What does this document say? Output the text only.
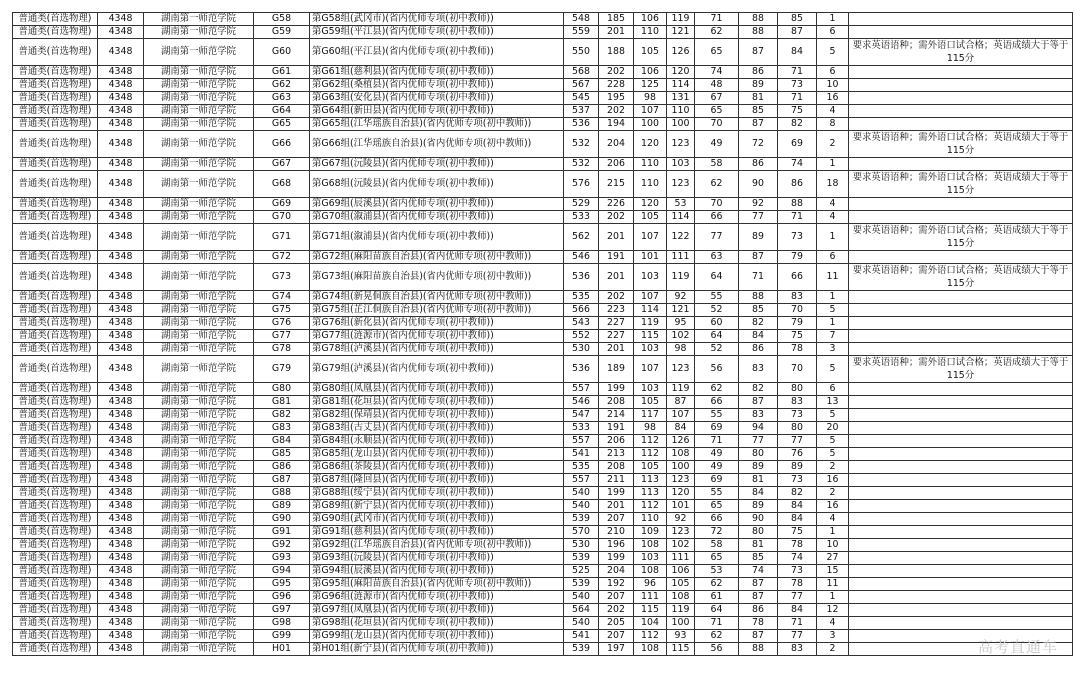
普通类(首选物理)	4348	湖南第一师范学院	G58	第G58组(武冈市)(省内优师专项(初中教师))	548	185	106	119	71	88	85	1	
普通类(首选物理)	4348	湖南第一师范学院	G59	第G59组(平江县)(省内优师专项(初中教师))	559	201	110	121	62	88	87	6	
普通类(首选物理)	4348	湖南第一师范学院	G60	第G60组(平江县)(省内优师专项(初中教师))	550	188	105	126	65	87	84	5	要求英语语种；需外语口试合格；英语成绩大于等于115分
普通类(首选物理)	4348	湖南第一师范学院	G61	第G61组(慈利县)(省内优师专项(初中教师))	568	202	106	120	74	86	71	6	
普通类(首选物理)	4348	湖南第一师范学院	G62	第G62组(桑植县)(省内优师专项(初中教师))	567	228	125	114	48	89	73	10	
普通类(首选物理)	4348	湖南第一师范学院	G63	第G63组(安化县)(省内优师专项(初中教师))	545	195	98	131	67	81	71	16	
普通类(首选物理)	4348	湖南第一师范学院	G64	第G64组(新田县)(省内优师专项(初中教师))	537	202	107	110	65	85	75	4	
普通类(首选物理)	4348	湖南第一师范学院	G65	第G65组(江华瑶族自治县)(省内优师专项(初中教师))	536	194	100	100	70	87	82	8	
普通类(首选物理)	4348	湖南第一师范学院	G66	第G66组(江华瑶族自治县)(省内优师专项(初中教师))	532	204	120	123	49	72	69	2	要求英语语种；需外语口试合格；英语成绩大于等于115分
普通类(首选物理)	4348	湖南第一师范学院	G67	第G67组(沅陵县)(省内优师专项(初中教师))	532	206	110	103	58	86	74	1	
普通类(首选物理)	4348	湖南第一师范学院	G68	第G68组(沅陵县)(省内优师专项(初中教师))	576	215	110	123	62	90	86	18	要求英语语种；需外语口试合格；英语成绩大于等于115分
普通类(首选物理)	4348	湖南第一师范学院	G69	第G69组(辰溪县)(省内优师专项(初中教师))	529	226	120	53	70	92	88	4	
普通类(首选物理)	4348	湖南第一师范学院	G70	第G70组(溆浦县)(省内优师专项(初中教师))	533	202	105	114	66	77	71	4	
普通类(首选物理)	4348	湖南第一师范学院	G71	第G71组(溆浦县)(省内优师专项(初中教师))	562	201	107	122	77	89	73	1	要求英语语种；需外语口试合格；英语成绩大于等于115分
普通类(首选物理)	4348	湖南第一师范学院	G72	第G72组(麻阳苗族自治县)(省内优师专项(初中教师))	546	191	101	111	63	87	79	6	
普通类(首选物理)	4348	湖南第一师范学院	G73	第G73组(麻阳苗族自治县)(省内优师专项(初中教师))	536	201	103	119	64	71	66	11	要求英语语种；需外语口试合格；英语成绩大于等于115分
普通类(首选物理)	4348	湖南第一师范学院	G74	第G74组(新晃侗族自治县)(省内优师专项(初中教师))	535	202	107	92	55	88	83	1	
普通类(首选物理)	4348	湖南第一师范学院	G75	第G75组(芷江侗族自治县)(省内优师专项(初中教师))	566	223	114	121	52	85	70	5	
普通类(首选物理)	4348	湖南第一师范学院	G76	第G76组(新化县)(省内优师专项(初中教师))	543	227	119	95	60	82	79	1	
普通类(首选物理)	4348	湖南第一师范学院	G77	第G77组(涟源市)(省内优师专项(初中教师))	552	227	115	102	64	84	75	7	
普通类(首选物理)	4348	湖南第一师范学院	G78	第G78组(泸溪县)(省内优师专项(初中教师))	530	201	103	98	52	86	78	3	
普通类(首选物理)	4348	湖南第一师范学院	G79	第G79组(泸溪县)(省内优师专项(初中教师))	536	189	107	123	56	83	70	5	要求英语语种；需外语口试合格；英语成绩大于等于115分
普通类(首选物理)	4348	湖南第一师范学院	G80	第G80组(凤凰县)(省内优师专项(初中教师))	557	199	103	119	62	82	80	6	
普通类(首选物理)	4348	湖南第一师范学院	G81	第G81组(花垣县)(省内优师专项(初中教师))	546	208	105	87	66	87	83	13	
普通类(首选物理)	4348	湖南第一师范学院	G82	第G82组(保靖县)(省内优师专项(初中教师))	547	214	117	107	55	83	73	5	
普通类(首选物理)	4348	湖南第一师范学院	G83	第G83组(古丈县)(省内优师专项(初中教师))	533	191	98	84	69	94	80	20	
普通类(首选物理)	4348	湖南第一师范学院	G84	第G84组(永顺县)(省内优师专项(初中教师))	557	206	112	126	71	77	77	5	
普通类(首选物理)	4348	湖南第一师范学院	G85	第G85组(龙山县)(省内优师专项(初中教师))	541	213	112	108	49	80	76	5	
普通类(首选物理)	4348	湖南第一师范学院	G86	第G86组(茶陵县)(省内优师专项(初中教师))	535	208	105	100	49	89	89	2	
普通类(首选物理)	4348	湖南第一师范学院	G87	第G87组(隆回县)(省内优师专项(初中教师))	557	211	113	123	69	81	73	16	
普通类(首选物理)	4348	湖南第一师范学院	G88	第G88组(绥宁县)(省内优师专项(初中教师))	540	199	113	120	55	84	82	2	
普通类(首选物理)	4348	湖南第一师范学院	G89	第G89组(新宁县)(省内优师专项(初中教师))	540	201	112	101	65	89	84	16	
普通类(首选物理)	4348	湖南第一师范学院	G90	第G90组(武冈市)(省内优师专项(初中教师))	539	207	110	92	66	90	84	4	
普通类(首选物理)	4348	湖南第一师范学院	G91	第G91组(慈利县)(省内优师专项(初中教师))	570	210	109	123	72	80	75	1	
普通类(首选物理)	4348	湖南第一师范学院	G92	第G92组(江华瑶族自治县)(省内优师专项(初中教师))	530	196	108	102	58	81	78	10	
普通类(首选物理)	4348	湖南第一师范学院	G93	第G93组(沅陵县)(省内优师专项(初中教师))	539	199	103	111	65	85	74	27	
普通类(首选物理)	4348	湖南第一师范学院	G94	第G94组(辰溪县)(省内优师专项(初中教师))	525	204	108	106	53	74	73	15	
普通类(首选物理)	4348	湖南第一师范学院	G95	第G95组(麻阳苗族自治县)(省内优师专项(初中教师))	539	192	96	105	62	87	78	11	
普通类(首选物理)	4348	湖南第一师范学院	G96	第G96组(涟源市)(省内优师专项(初中教师))	540	207	111	108	61	87	77	1	
普通类(首选物理)	4348	湖南第一师范学院	G97	第G97组(凤凰县)(省内优师专项(初中教师))	564	202	115	119	64	86	84	12	
普通类(首选物理)	4348	湖南第一师范学院	G98	第G98组(花垣县)(省内优师专项(初中教师))	540	205	104	100	71	78	71	4	
普通类(首选物理)	4348	湖南第一师范学院	G99	第G99组(龙山县)(省内优师专项(初中教师))	541	207	112	93	62	87	77	3	
普通类(首选物理)	4348	湖南第一师范学院	H01	第H01组(新宁县)(省内优师专项(初中教师))	539	197	108	115	56	88	83	2		高考直通车
